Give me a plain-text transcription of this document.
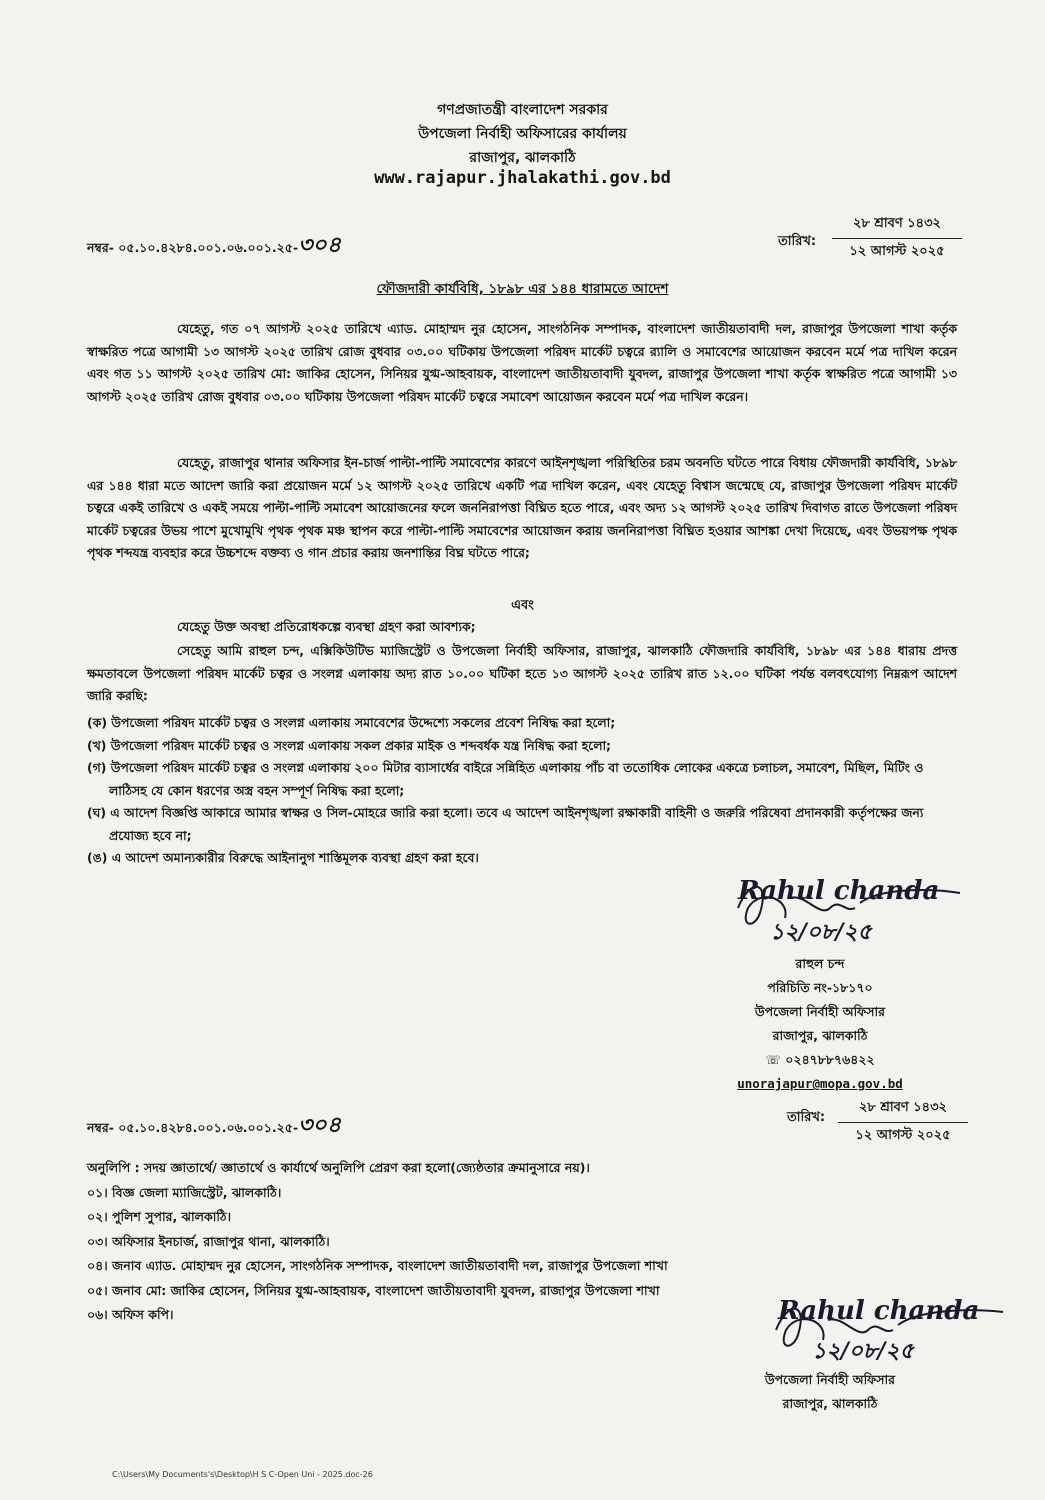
গণপ্রজাতন্ত্রী বাংলাদেশ সরকার
উপজেলা নির্বাহী অফিসারের কার্যালয়
রাজাপুর, ঝালকাঠি
www.rajapur.jhalakathi.gov.bd
নম্বর- ০৫.১০.৪২৮৪.০০১.০৬.০০১.২৫-৩০৪	তারিখ:
২৮ শ্রাবণ ১৪৩২
১২ আগস্ট ২০২৫
ফৌজদারী কার্যবিধি, ১৮৯৮ এর ১৪৪ ধারামতে আদেশ
যেহেতু, গত ০৭ আগস্ট ২০২৫ তারিখে এ্যাড. মোহাম্মদ নুর হোসেন, সাংগঠনিক সম্পাদক, বাংলাদেশ জাতীয়তাবাদী দল, রাজাপুর উপজেলা শাখা কর্তৃক স্বাক্ষরিত পত্রে আগামী ১৩ আগস্ট ২০২৫ তারিখ রোজ বুধবার ০৩.০০ ঘটিকায় উপজেলা পরিষদ মার্কেট চত্বরে র‍্যালি ও সমাবেশের আয়োজন করবেন মর্মে পত্র দাখিল করেন এবং গত ১১ আগস্ট ২০২৫ তারিখ মো: জাকির হোসেন, সিনিয়র যুগ্ম-আহবায়ক, বাংলাদেশ জাতীয়তাবাদী যুবদল, রাজাপুর উপজেলা শাখা কর্তৃক স্বাক্ষরিত পত্রে আগামী ১৩ আগস্ট ২০২৫ তারিখ রোজ বুধবার ০৩.০০ ঘটিকায় উপজেলা পরিষদ মার্কেট চত্বরে সমাবেশ আয়োজন করবেন মর্মে পত্র দাখিল করেন।
যেহেতু, রাজাপুর থানার অফিসার ইন-চার্জ পাল্টা-পাল্টি সমাবেশের কারণে আইনশৃঙ্খলা পরিস্থিতির চরম অবনতি ঘটতে পারে বিধায় ফৌজদারী কার্যবিধি, ১৮৯৮ এর ১৪৪ ধারা মতে আদেশ জারি করা প্রয়োজন মর্মে ১২ আগস্ট ২০২৫ তারিখে একটি পত্র দাখিল করেন, এবং যেহেতু বিশ্বাস জন্মেছে যে, রাজাপুর উপজেলা পরিষদ মার্কেট চত্বরে একই তারিখে ও একই সময়ে পাল্টা-পাল্টি সমাবেশ আয়োজনের ফলে জননিরাপত্তা বিঘ্নিত হতে পারে, এবং অদ্য ১২ আগস্ট ২০২৫ তারিখ দিবাগত রাতে উপজেলা পরিষদ মার্কেট চত্বরের উভয় পাশে মুখোমুখি পৃথক পৃথক মঞ্চ স্থাপন করে পাল্টা-পাল্টি সমাবেশের আয়োজন করায় জননিরাপত্তা বিঘ্নিত হওয়ার আশঙ্কা দেখা দিয়েছে, এবং উভয়পক্ষ পৃথক পৃথক শব্দযন্ত্র ব্যবহার করে উচ্চশব্দে বক্তব্য ও গান প্রচার করায় জনশান্তির বিঘ্ন ঘটতে পারে;
এবং
যেহেতু উক্ত অবস্থা প্রতিরোধকল্পে ব্যবস্থা গ্রহণ করা আবশ্যক;
সেহেতু আমি রাহুল চন্দ, এক্সিকিউটিভ ম্যাজিস্ট্রেট ও উপজেলা নির্বাহী অফিসার, রাজাপুর, ঝালকাঠি ফৌজদারি কার্যবিধি, ১৮৯৮ এর ১৪৪ ধারায় প্রদত্ত ক্ষমতাবলে উপজেলা পরিষদ মার্কেট চত্বর ও সংলগ্ন এলাকায় অদ্য রাত ১০.০০ ঘটিকা হতে ১৩ আগস্ট ২০২৫ তারিখ রাত ১২.০০ ঘটিকা পর্যন্ত বলবৎযোগ্য নিম্নরূপ আদেশ জারি করছি:
(ক) উপজেলা পরিষদ মার্কেট চত্বর ও সংলগ্ন এলাকায় সমাবেশের উদ্দেশ্যে সকলের প্রবেশ নিষিদ্ধ করা হলো;
(খ) উপজেলা পরিষদ মার্কেট চত্বর ও সংলগ্ন এলাকায় সকল প্রকার মাইক ও শব্দবর্ধক যন্ত্র নিষিদ্ধ করা হলো;
(গ) উপজেলা পরিষদ মার্কেট চত্বর ও সংলগ্ন এলাকায় ২০০ মিটার ব্যাসার্ধের বাইরে সন্নিহিত এলাকায় পাঁচ বা ততোধিক লোকের একত্রে চলাচল, সমাবেশ, মিছিল, মিটিং ও লাঠিসহ যে কোন ধরণের অস্ত্র বহন সম্পূর্ণ নিষিদ্ধ করা হলো;
(ঘ) এ আদেশ বিজ্ঞপ্তি আকারে আমার স্বাক্ষর ও সিল-মোহরে জারি করা হলো। তবে এ আদেশ আইনশৃঙ্খলা রক্ষাকারী বাহিনী ও জরুরি পরিষেবা প্রদানকারী কর্তৃপক্ষের জন্য প্রযোজ্য হবে না;
(ঙ) এ আদেশ অমান্যকারীর বিরুদ্ধে আইনানুগ শাস্তিমূলক ব্যবস্থা গ্রহণ করা হবে।
Rahul chanda
১২/০৮/২৫
রাহুল চন্দ
পরিচিতি নং-১৮১৭০
উপজেলা নির্বাহী অফিসার
রাজাপুর, ঝালকাঠি
☏ ০২৪৭৮৮৭৬৪২২
unorajapur@mopa.gov.bd
নম্বর- ০৫.১০.৪২৮৪.০০১.০৬.০০১.২৫-৩০৪	তারিখ:
২৮ শ্রাবণ ১৪৩২
১২ আগস্ট ২০২৫
অনুলিপি : সদয় জ্ঞাতার্থে/ জ্ঞাতার্থে ও কার্যার্থে অনুলিপি প্রেরণ করা হলো(জ্যেষ্ঠতার ক্রমানুসারে নয়)।
০১। বিজ্ঞ জেলা ম্যাজিস্ট্রেট, ঝালকাঠি।
০২। পুলিশ সুপার, ঝালকাঠি।
০৩। অফিসার ইনচার্জ, রাজাপুর থানা, ঝালকাঠি।
০৪। জনাব এ্যাড. মোহাম্মদ নুর হোসেন, সাংগঠনিক সম্পাদক, বাংলাদেশ জাতীয়তাবাদী দল, রাজাপুর উপজেলা শাখা
০৫। জনাব মো: জাকির হোসেন, সিনিয়র যুগ্ম-আহবায়ক, বাংলাদেশ জাতীয়তাবাদী যুবদল, রাজাপুর উপজেলা শাখা
০৬। অফিস কপি।	Rahul chanda
১২/০৮/২৫
উপজেলা নির্বাহী অফিসার
রাজাপুর, ঝালকাঠি
C:\Users\My Documents's\Desktop\H S C-Open Uni - 2025.doc-26
